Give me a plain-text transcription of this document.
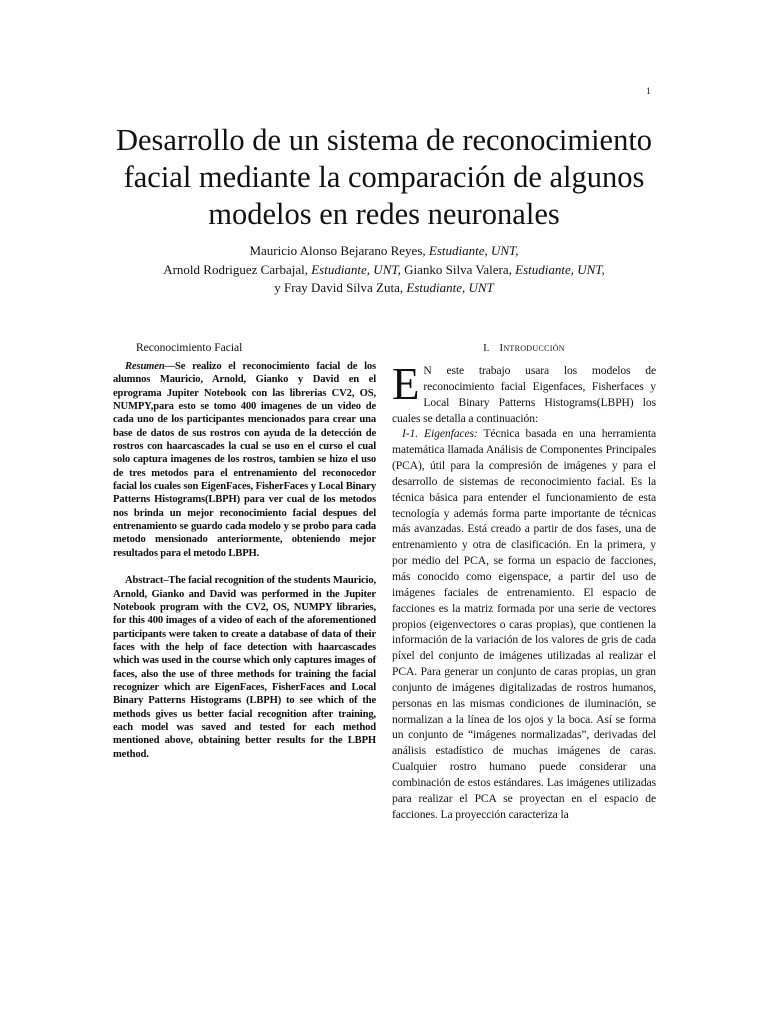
1
Desarrollo de un sistema de reconocimiento
facial mediante la comparación de algunos
modelos en redes neuronales
Mauricio Alonso Bejarano Reyes, Estudiante, UNT,
Arnold Rodriguez Carbajal, Estudiante, UNT, Gianko Silva Valera, Estudiante, UNT,
y Fray David Silva Zuta, Estudiante, UNT
Reconocimiento Facial

Resumen—Se realizo el reconocimiento facial de los alumnos Mauricio, Arnold, Gianko y David en el eprograma Jupiter Notebook con las librerias CV2, OS, NUMPY,para esto se tomo 400 imagenes de un video de cada uno de los participantes mencionados para crear una base de datos de sus rostros con ayuda de la detección de rostros con haarcascades la cual se uso en el curso el cual solo captura imagenes de los rostros, tambien se hizo el uso de tres metodos para el entrenamiento del reconocedor facial los cuales son EigenFaces, FisherFaces y Local Binary Patterns Histograms(LBPH) para ver cual de los metodos nos brinda un mejor reconocimiento facial despues del entrenamiento se guardo cada modelo y se probo para cada metodo mensionado anteriormente, obteniendo mejor resultados para el metodo LBPH.

Abstract–The facial recognition of the students Mauricio, Arnold, Gianko and David was performed in the Jupiter Notebook program with the CV2, OS, NUMPY libraries, for this 400 images of a video of each of the aforementioned participants were taken to create a database of data of their faces with the help of face detection with haarcascades which was used in the course which only captures images of faces, also the use of three methods for training the facial recognizer which are EigenFaces, FisherFaces and Local Binary Patterns Histograms (LBPH) to see which of the methods gives us better facial recognition after training, each model was saved and tested for each method mentioned above, obtaining better results for the LBPH method.

I. Introducción

E N este trabajo usara los modelos de reconocimiento facial Eigenfaces, Fisherfaces y Local Binary Patterns Histograms(LBPH) los cuales se detalla a continuación:

I-1. Eigenfaces: Técnica basada en una herramienta matemática llamada Análisis de Componentes Principales (PCA), útil para la compresión de imágenes y para el desarrollo de sistemas de reconocimiento facial. Es la técnica básica para entender el funcionamiento de esta tecnología y además forma parte importante de técnicas más avanzadas. Está creado a partir de dos fases, una de entrenamiento y otra de clasificación. En la primera, y por medio del PCA, se forma un espacio de facciones, más conocido como eigenspace, a partir del uso de imágenes faciales de entrenamiento. El espacio de facciones es la matriz formada por una serie de vectores propios (eigenvectores o caras propias), que contienen la información de la variación de los valores de gris de cada píxel del conjunto de imágenes utilizadas al realizar el PCA. Para generar un conjunto de caras propias, un gran conjunto de imágenes digitalizadas de rostros humanos, personas en las mismas condiciones de iluminación, se normalizan a la línea de los ojos y la boca. Así se forma un conjunto de “imágenes normalizadas”, derivadas del análisis estadístico de muchas imágenes de caras. Cualquier rostro humano puede considerar una combinación de estos estándares. Las imágenes utilizadas para realizar el PCA se proyectan en el espacio de facciones. La proyección caracteriza la
